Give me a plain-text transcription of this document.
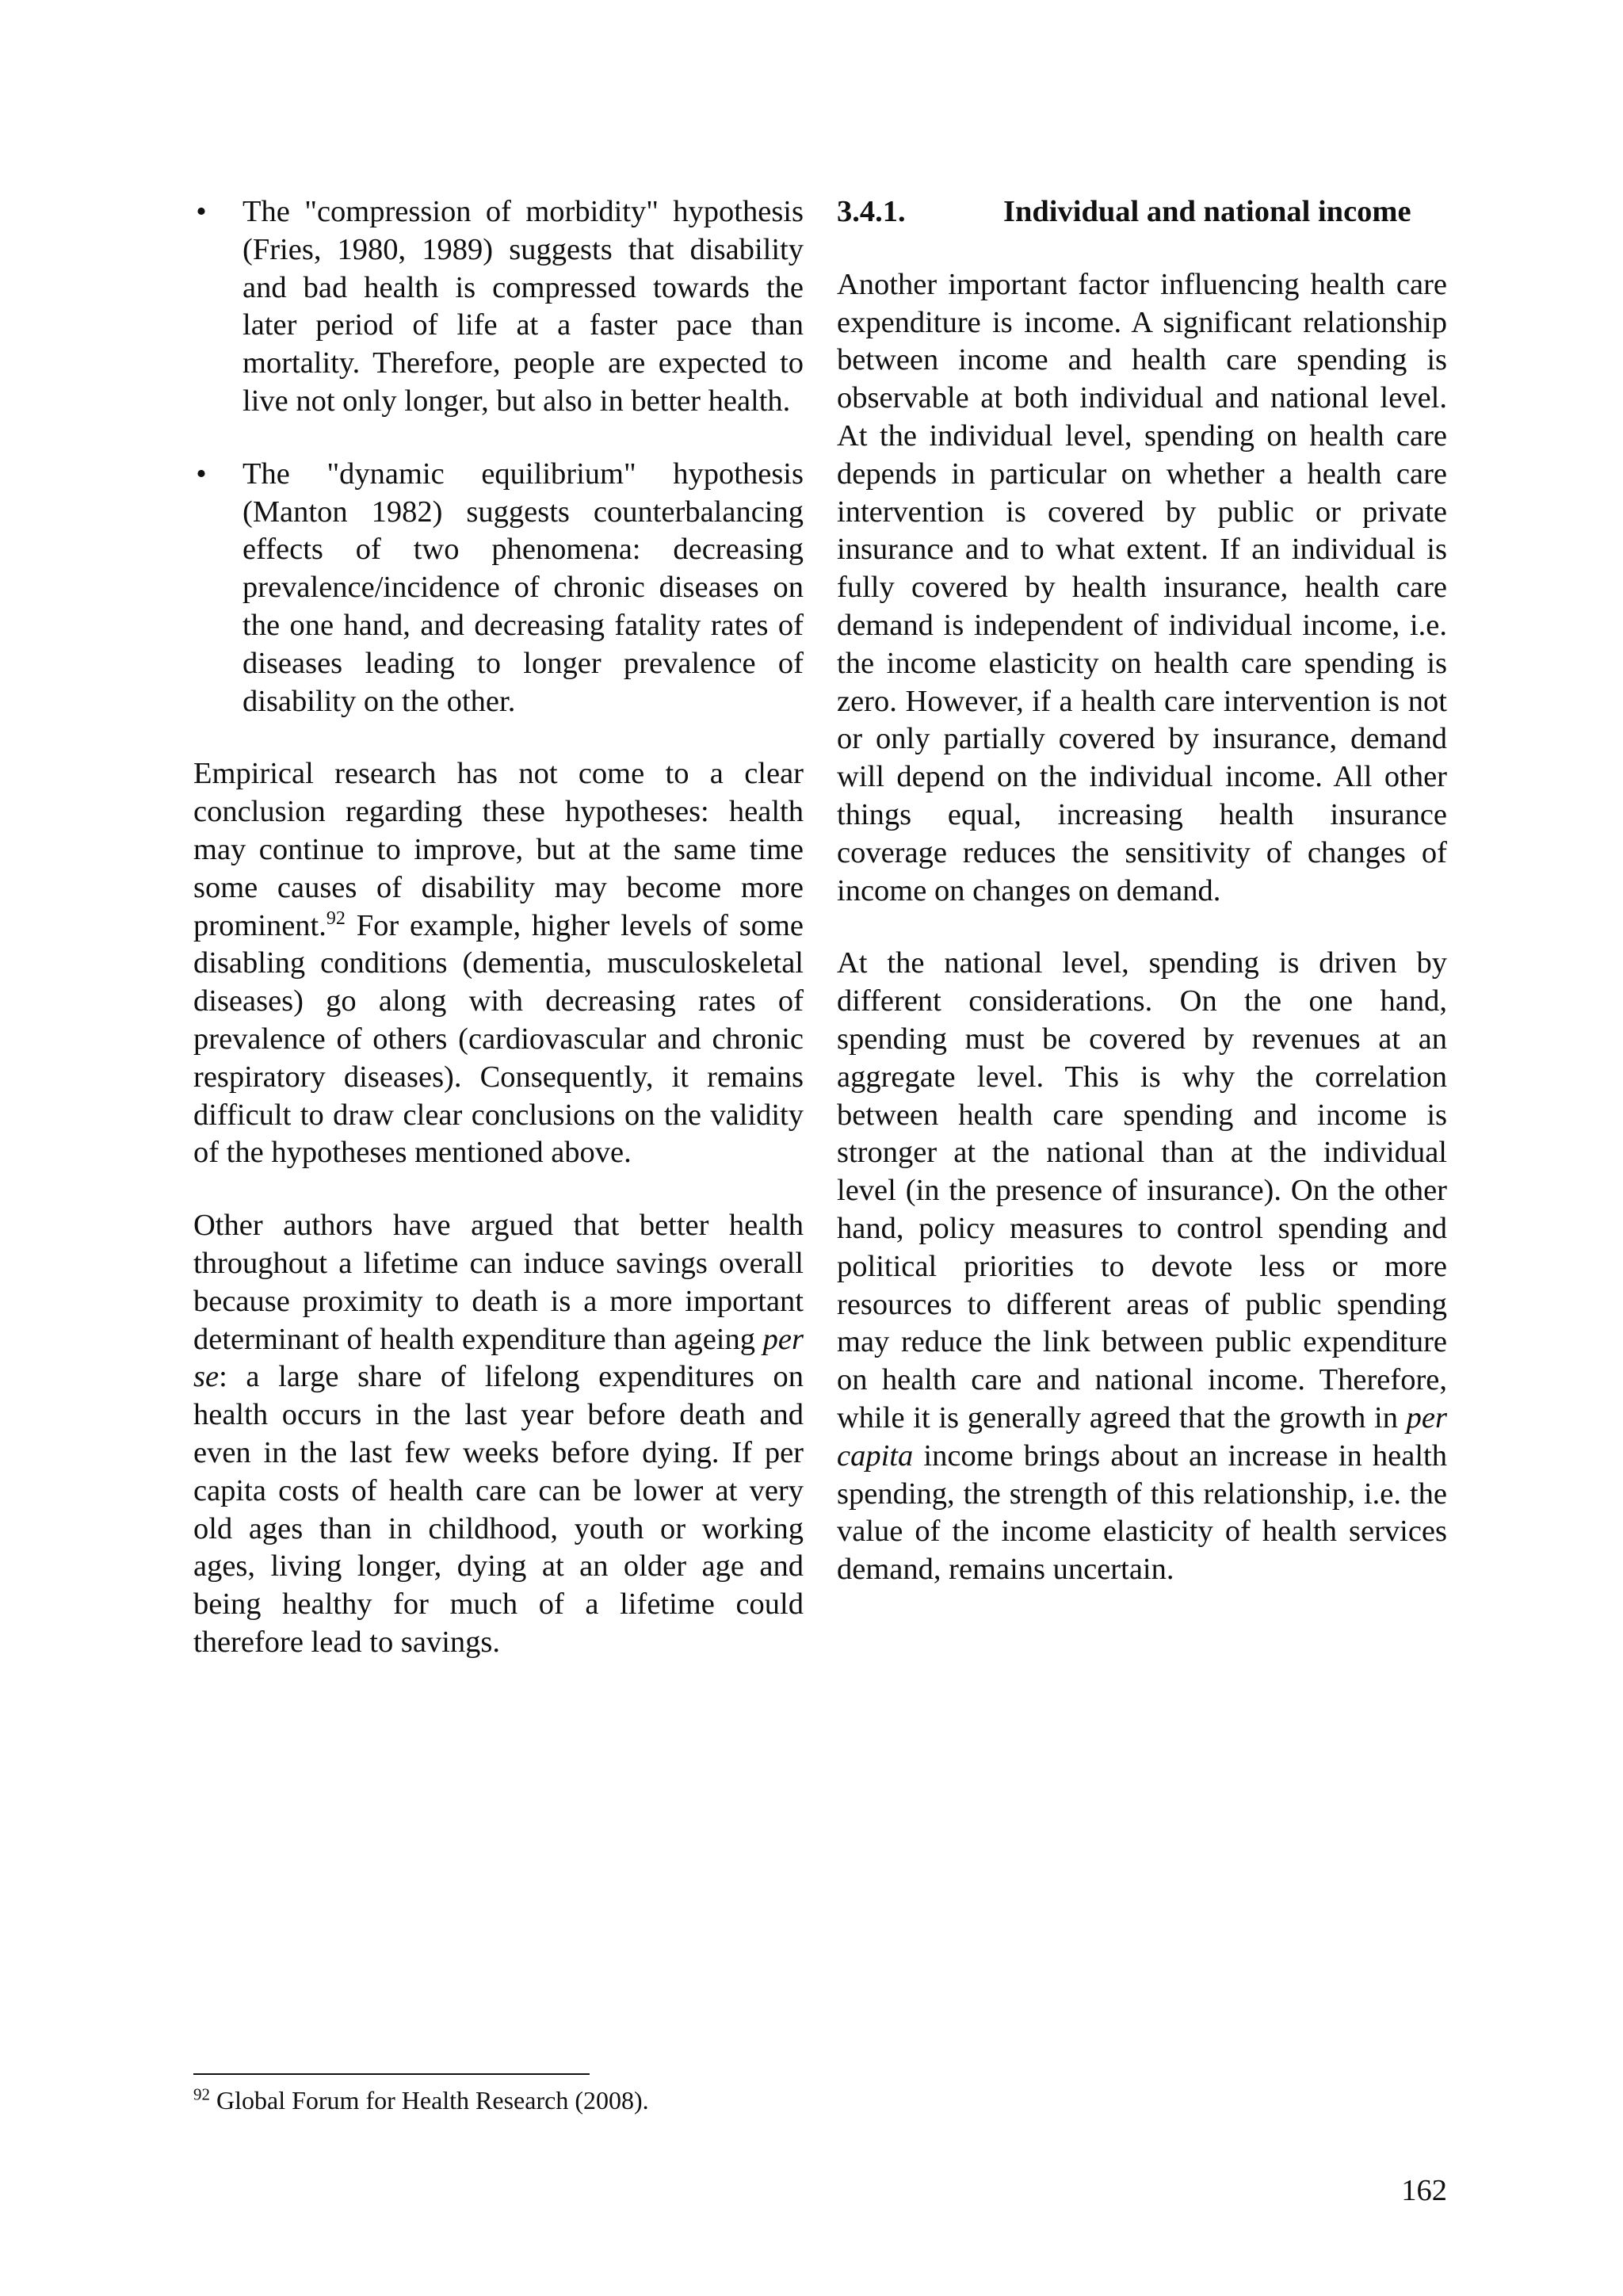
• The "compression of morbidity" hypothesis (Fries, 1980, 1989) suggests that disability and bad health is compressed towards the later period of life at a faster pace than mortality. Therefore, people are expected to live not only longer, but also in better health.

• The "dynamic equilibrium" hypothesis (Manton 1982) suggests counterbalancing effects of two phenomena: decreasing prevalence/incidence of chronic diseases on the one hand, and decreasing fatality rates of diseases leading to longer prevalence of disability on the other.

Empirical research has not come to a clear conclusion regarding these hypotheses: health may continue to improve, but at the same time some causes of disability may become more prominent.$^{92}$ For example, higher levels of some disabling conditions (dementia, musculoskeletal diseases) go along with decreasing rates of prevalence of others (cardiovascular and chronic respiratory diseases). Consequently, it remains difficult to draw clear conclusions on the validity of the hypotheses mentioned above.

Other authors have argued that better health throughout a lifetime can induce savings overall because proximity to death is a more important determinant of health expenditure than ageing per se: a large share of lifelong expenditures on health occurs in the last year before death and even in the last few weeks before dying. If per capita costs of health care can be lower at very old ages than in childhood, youth or working ages, living longer, dying at an older age and being healthy for much of a lifetime could therefore lead to savings.

3.4.1.	Individual and national income

Another important factor influencing health care expenditure is income. A significant relationship between income and health care spending is observable at both individual and national level. At the individual level, spending on health care depends in particular on whether a health care intervention is covered by public or private insurance and to what extent. If an individual is fully covered by health insurance, health care demand is independent of individual income, i.e. the income elasticity on health care spending is zero. However, if a health care intervention is not or only partially covered by insurance, demand will depend on the individual income. All other things equal, increasing health insurance coverage reduces the sensitivity of changes of income on changes on demand.

At the national level, spending is driven by different considerations. On the one hand, spending must be covered by revenues at an aggregate level. This is why the correlation between health care spending and income is stronger at the national than at the individual level (in the presence of insurance). On the other hand, policy measures to control spending and political priorities to devote less or more resources to different areas of public spending may reduce the link between public expenditure on health care and national income. Therefore, while it is generally agreed that the growth in per capita income brings about an increase in health spending, the strength of this relationship, i.e. the value of the income elasticity of health services demand, remains uncertain.

$^{92}$ Global Forum for Health Research (2008).
162
